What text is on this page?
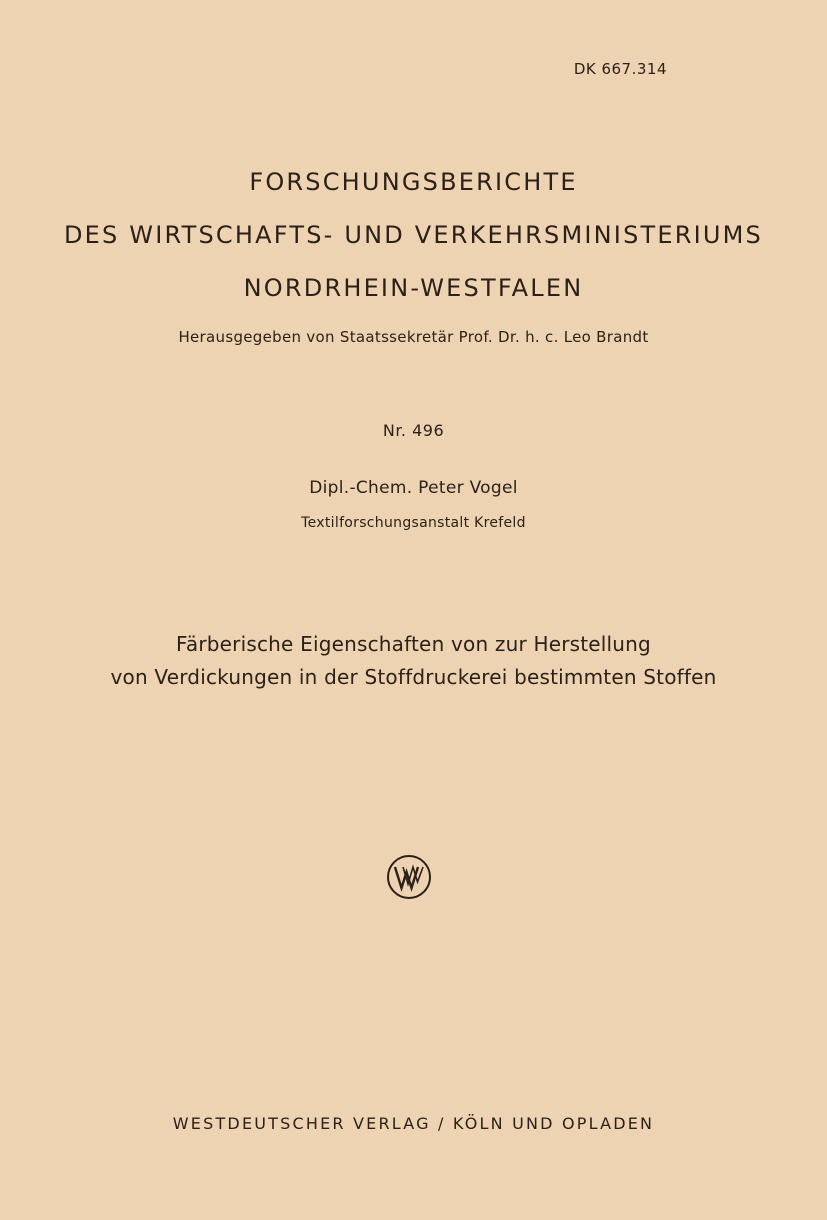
DK 667.314
FORSCHUNGSBERICHTE
DES WIRTSCHAFTS- UND VERKEHRSMINISTERIUMS
NORDRHEIN-WESTFALEN
Herausgegeben von Staatssekretär Prof. Dr. h. c. Leo Brandt
Nr. 496
Dipl.-Chem. Peter Vogel
Textilforschungsanstalt Krefeld
Färberische Eigenschaften von zur Herstellung
von Verdickungen in der Stoffdruckerei bestimmten Stoffen
WESTDEUTSCHER VERLAG / KÖLN UND OPLADEN
